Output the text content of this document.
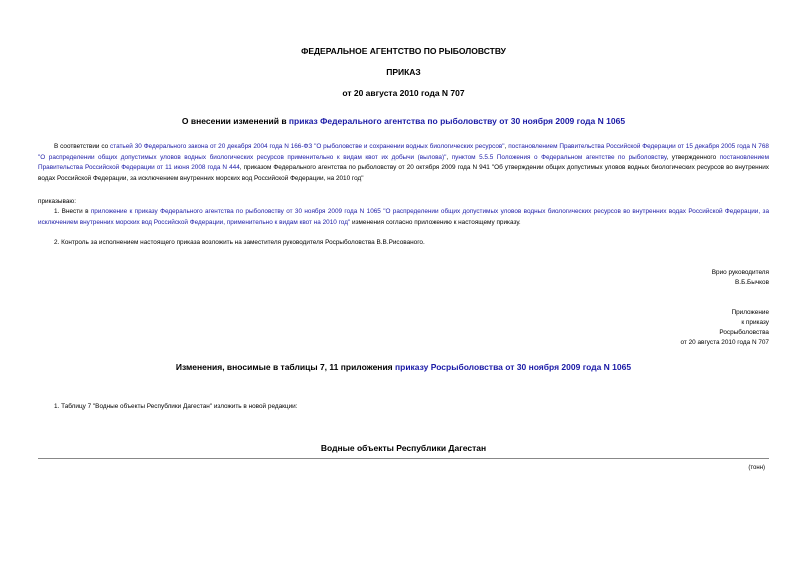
ФЕДЕРАЛЬНОЕ АГЕНТСТВО ПО РЫБОЛОВСТВУ
ПРИКАЗ
от 20 августа 2010 года N 707
О внесении изменений в приказ Федерального агентства по рыболовству от 30 ноября 2009 года N 1065
В соответствии со статьей 30 Федерального закона от 20 декабря 2004 года N 166-ФЗ "О рыболовстве и сохранении водных биологических ресурсов", постановлением Правительства Российской Федерации от 15 декабря 2005 года N 768 "О распределении общих допустимых уловов водных биологических ресурсов применительно к видам квот их добычи (вылова)", пунктом 5.5.5 Положения о Федеральном агентстве по рыболовству, утвержденного постановлением Правительства Российской Федерации от 11 июня 2008 года N 444, приказом Федерального агентства по рыболовству от 20 октября 2009 года N 941 "Об утверждении общих допустимых уловов водных биологических ресурсов во внутренних водах Российской Федерации, за исключением внутренних морских вод Российской Федерации, на 2010 год"
приказываю:
1. Внести в приложение к приказу Федерального агентства по рыболовству от 30 ноября 2009 года N 1065 "О распределении общих допустимых уловов водных биологических ресурсов во внутренних водах Российской Федерации, за исключением внутренних морских вод Российской Федерации, применительно к видам квот на 2010 год" изменения согласно приложению к настоящему приказу.
2. Контроль за исполнением настоящего приказа возложить на заместителя руководителя Росрыболовства В.В.Рисованого.
Врио руководителя
В.Б.Бычков
Приложение
к приказу
Росрыболовства
от 20 августа 2010 года N 707
Изменения, вносимые в таблицы 7, 11 приложения приказу Росрыболовства от 30 ноября 2009 года N 1065
1. Таблицу 7 "Водные объекты Республики Дагестан" изложить в новой редакции:
Водные объекты Республики Дагестан
(тонн)
